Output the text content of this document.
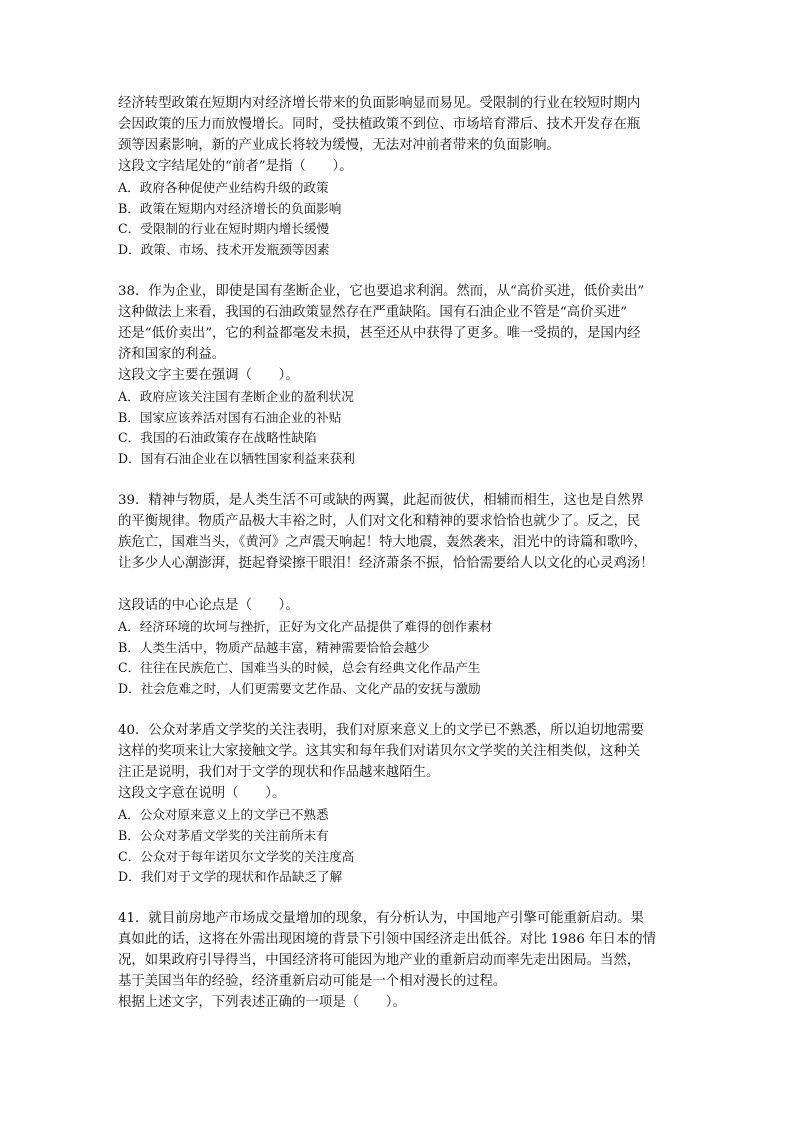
经济转型政策在短期内对经济增长带来的负面影响显而易见。受限制的行业在较短时期内
会因政策的压力而放慢增长。同时，受扶植政策不到位、市场培育滞后、技术开发存在瓶
颈等因素影响，新的产业成长将较为缓慢，无法对冲前者带来的负面影响。
这段文字结尾处的“前者”是指（　　）。
A．政府各种促使产业结构升级的政策
B．政策在短期内对经济增长的负面影响
C．受限制的行业在短时期内增长缓慢
D．政策、市场、技术开发瓶颈等因素
38．作为企业，即使是国有垄断企业，它也要追求利润。然而，从“高价买进，低价卖出”
这种做法上来看，我国的石油政策显然存在严重缺陷。国有石油企业不管是“高价买进”
还是“低价卖出”，它的利益都毫发未损，甚至还从中获得了更多。唯一受损的，是国内经
济和国家的利益。
这段文字主要在强调（　　）。
A．政府应该关注国有垄断企业的盈利状况
B．国家应该养活对国有石油企业的补贴
C．我国的石油政策存在战略性缺陷
D．国有石油企业在以牺牲国家利益来获利
39．精神与物质，是人类生活不可或缺的两翼，此起而彼伏，相辅而相生，这也是自然界
的平衡规律。物质产品极大丰裕之时，人们对文化和精神的要求恰恰也就少了。反之，民
族危亡，国难当头，《黄河》之声震天响起！特大地震，轰然袭来，泪光中的诗篇和歌吟，
让多少人心潮澎湃，挺起脊梁擦干眼泪！经济萧条不振，恰恰需要给人以文化的心灵鸡汤！
这段话的中心论点是（　　）。
A．经济环境的坎坷与挫折，正好为文化产品提供了难得的创作素材
B．人类生活中，物质产品越丰富，精神需要恰恰会越少
C．往往在民族危亡、国难当头的时候，总会有经典文化作品产生
D．社会危难之时，人们更需要文艺作品、文化产品的安抚与激励
40．公众对茅盾文学奖的关注表明，我们对原来意义上的文学已不熟悉，所以迫切地需要
这样的奖项来让大家接触文学。这其实和每年我们对诺贝尔文学奖的关注相类似，这种关
注正是说明，我们对于文学的现状和作品越来越陌生。
这段文字意在说明（　　）。
A．公众对原来意义上的文学已不熟悉
B．公众对茅盾文学奖的关注前所未有
C．公众对于每年诺贝尔文学奖的关注度高
D．我们对于文学的现状和作品缺乏了解
41．就目前房地产市场成交量增加的现象，有分析认为，中国地产引擎可能重新启动。果
真如此的话，这将在外需出现困境的背景下引领中国经济走出低谷。对比 1986 年日本的情
况，如果政府引导得当，中国经济将可能因为地产业的重新启动而率先走出困局。当然，
基于美国当年的经验，经济重新启动可能是一个相对漫长的过程。
根据上述文字，下列表述正确的一项是（　　）。
